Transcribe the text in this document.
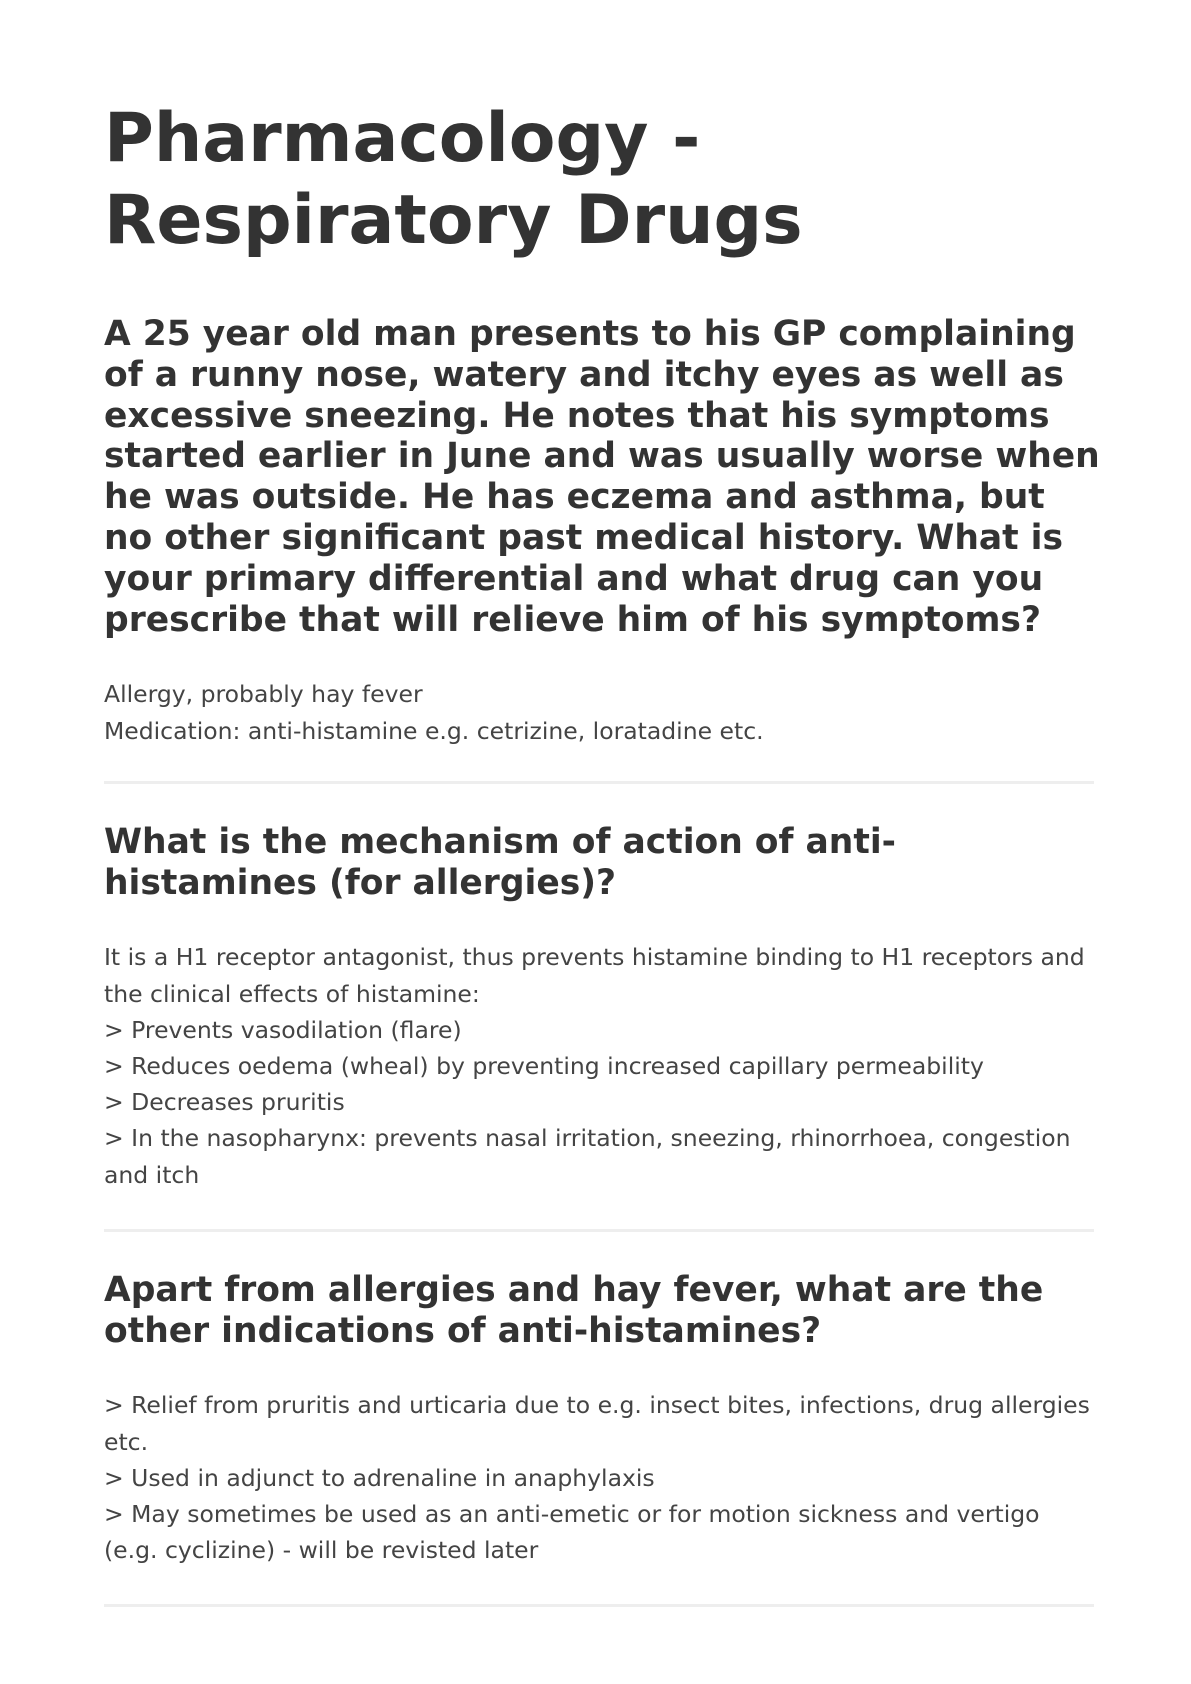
Pharmacology -
Respiratory Drugs
A 25 year old man presents to his GP complaining of a runny nose, watery and itchy eyes as well as excessive sneezing. He notes that his symptoms started earlier in June and was usually worse when he was outside. He has eczema and asthma, but no other significant past medical history. What is your primary differential and what drug can you prescribe that will relieve him of his symptoms?
Allergy, probably hay fever
Medication: anti-histamine e.g. cetrizine, loratadine etc.
What is the mechanism of action of anti-histamines (for allergies)?
It is a H1 receptor antagonist, thus prevents histamine binding to H1 receptors and the clinical effects of histamine:
> Prevents vasodilation (flare)
> Reduces oedema (wheal) by preventing increased capillary permeability
> Decreases pruritis
> In the nasopharynx: prevents nasal irritation, sneezing, rhinorrhoea, congestion and itch
Apart from allergies and hay fever, what are the other indications of anti-histamines?
> Relief from pruritis and urticaria due to e.g. insect bites, infections, drug allergies etc.
> Used in adjunct to adrenaline in anaphylaxis
> May sometimes be used as an anti-emetic or for motion sickness and vertigo (e.g. cyclizine) - will be revisted later
